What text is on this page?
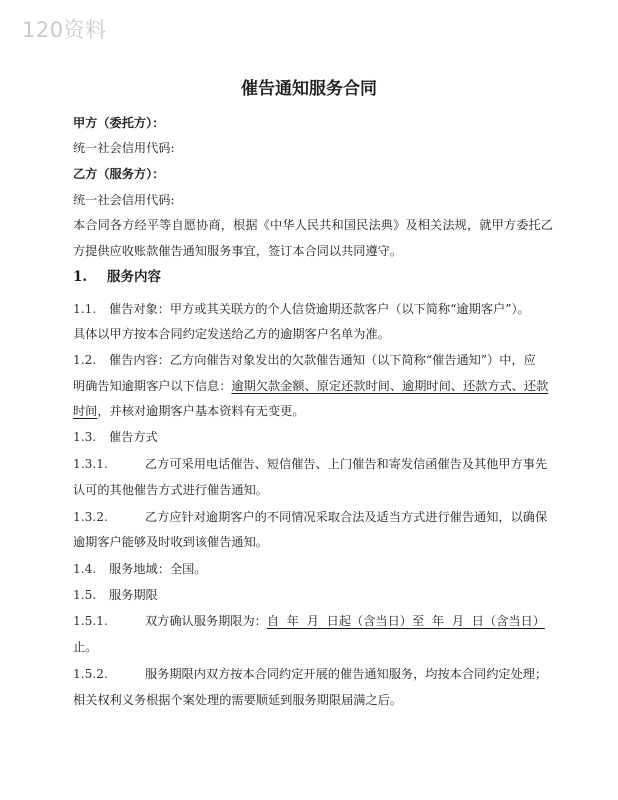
120资料
催告通知服务合同
甲方（委托方）：
统一社会信用代码:
乙方（服务方）：
统一社会信用代码:
本合同各方经平等自愿协商，根据《中华人民共和国民法典》及相关法规，就甲方委托乙
方提供应收账款催告通知服务事宜，签订本合同以共同遵守。
1. 服务内容
1.1. 催告对象：甲方或其关联方的个人信贷逾期还款客户（以下简称“逾期客户”）。
具体以甲方按本合同约定发送给乙方的逾期客户名单为准。
1.2. 催告内容：乙方向催告对象发出的欠款催告通知（以下简称“催告通知”）中，应
明确告知逾期客户以下信息：逾期欠款金额、原定还款时间、逾期时间、还款方式、还款
时间，并核对逾期客户基本资料有无变更。
1.3. 催告方式
1.3.1.	乙方可采用电话催告、短信催告、上门催告和寄发信函催告及其他甲方事先
认可的其他催告方式进行催告通知。
1.3.2.	乙方应针对逾期客户的不同情况采取合法及适当方式进行催告通知，以确保
逾期客户能够及时收到该催告通知。
1.4. 服务地域：全国。
1.5. 服务期限
1.5.1.	双方确认服务期限为：自  年  月  日起（含当日）至  年  月  日（含当日）
止。
1.5.2.	服务期限内双方按本合同约定开展的催告通知服务，均按本合同约定处理；
相关权利义务根据个案处理的需要顺延到服务期限届满之后。
